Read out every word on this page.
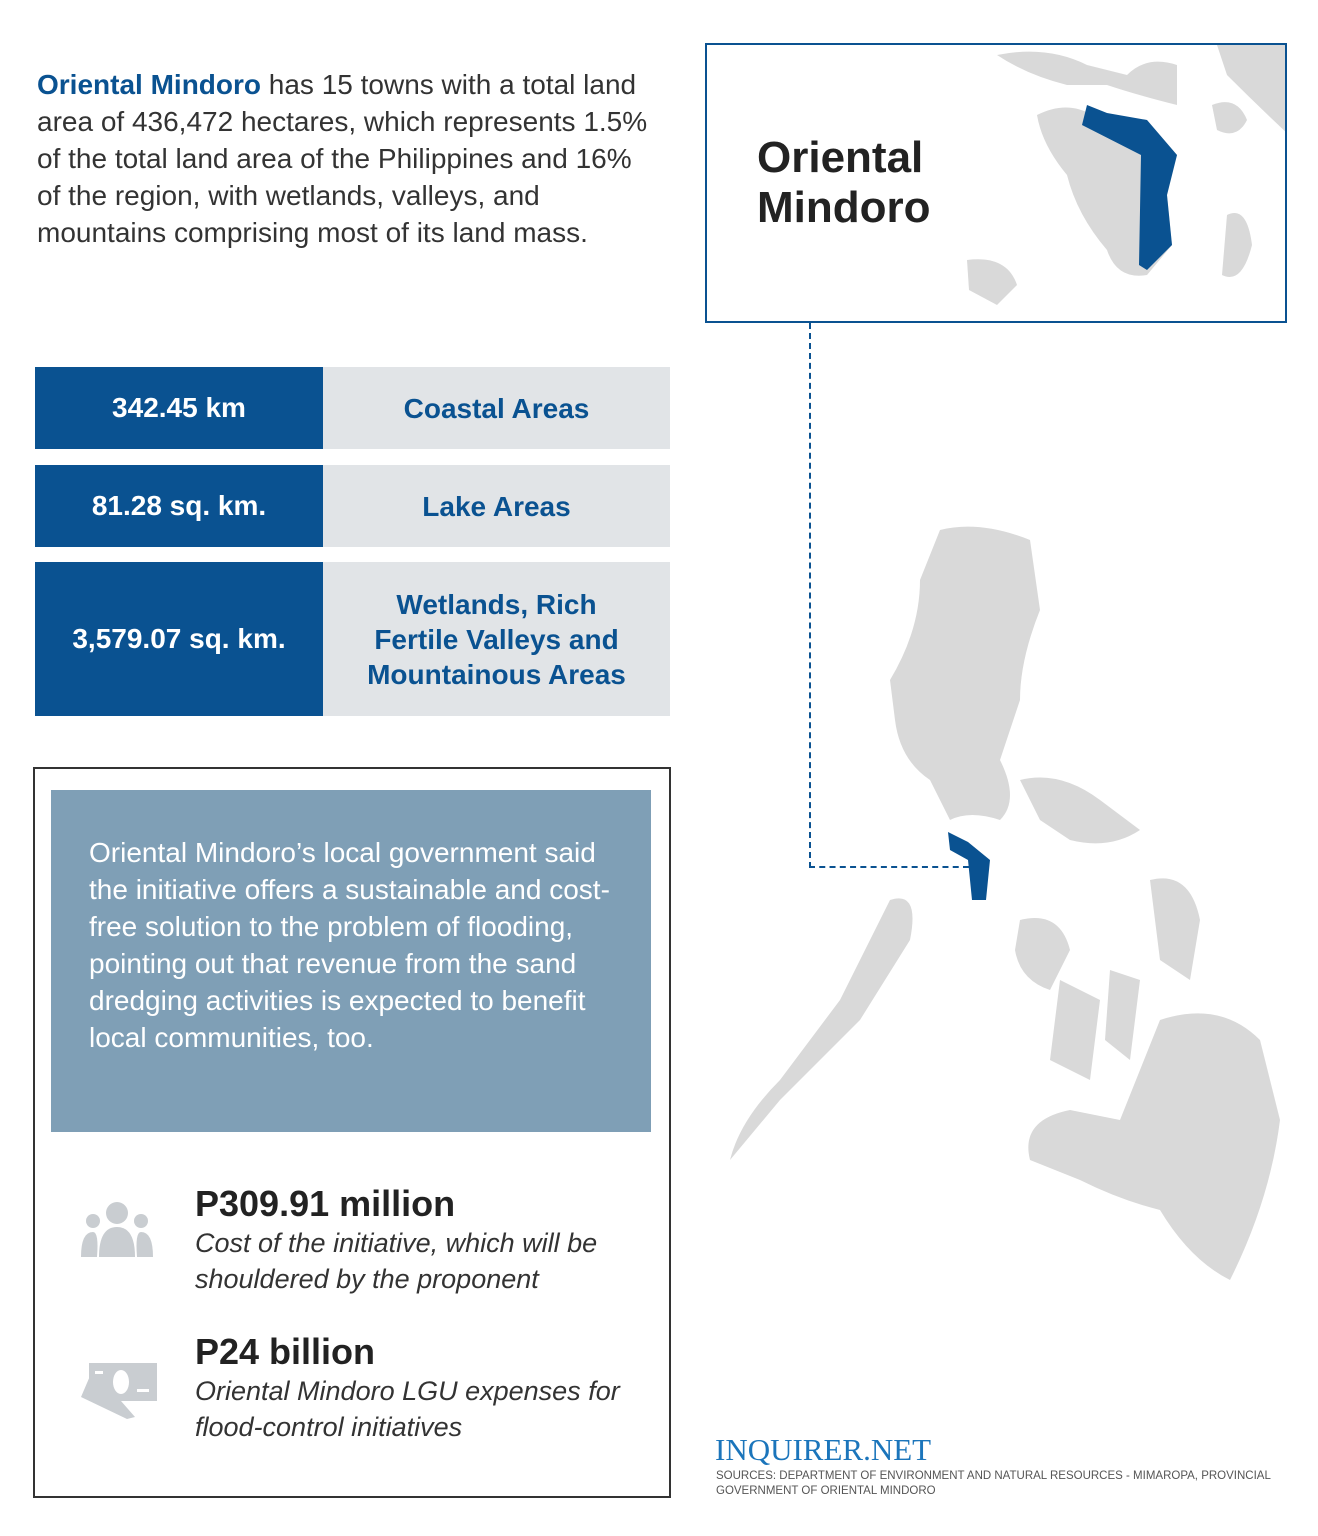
Oriental Mindoro has 15 towns with a total land area of 436,472 hectares, which represents 1.5% of the total land area of the Philippines and 16% of the region, with wetlands, valleys, and mountains comprising most of its land mass.

342.45 km	Coastal Areas
81.28 sq. km.	Lake Areas
3,579.07 sq. km.
Wetlands, Rich Fertile Valleys and Mountainous Areas
Oriental Mindoro’s local government said the initiative offers a sustainable and cost-free solution to the problem of flooding, pointing out that revenue from the sand dredging activities is expected to benefit local communities, too.
P309.91 million

Cost of the initiative, which will be shouldered by the proponent

P24 billion

Oriental Mindoro LGU expenses for flood-control initiatives

Oriental
Mindoro
INQUIRER.NET
SOURCES: DEPARTMENT OF ENVIRONMENT AND NATURAL RESOURCES - MIMAROPA, PROVINCIAL GOVERNMENT OF ORIENTAL MINDORO
